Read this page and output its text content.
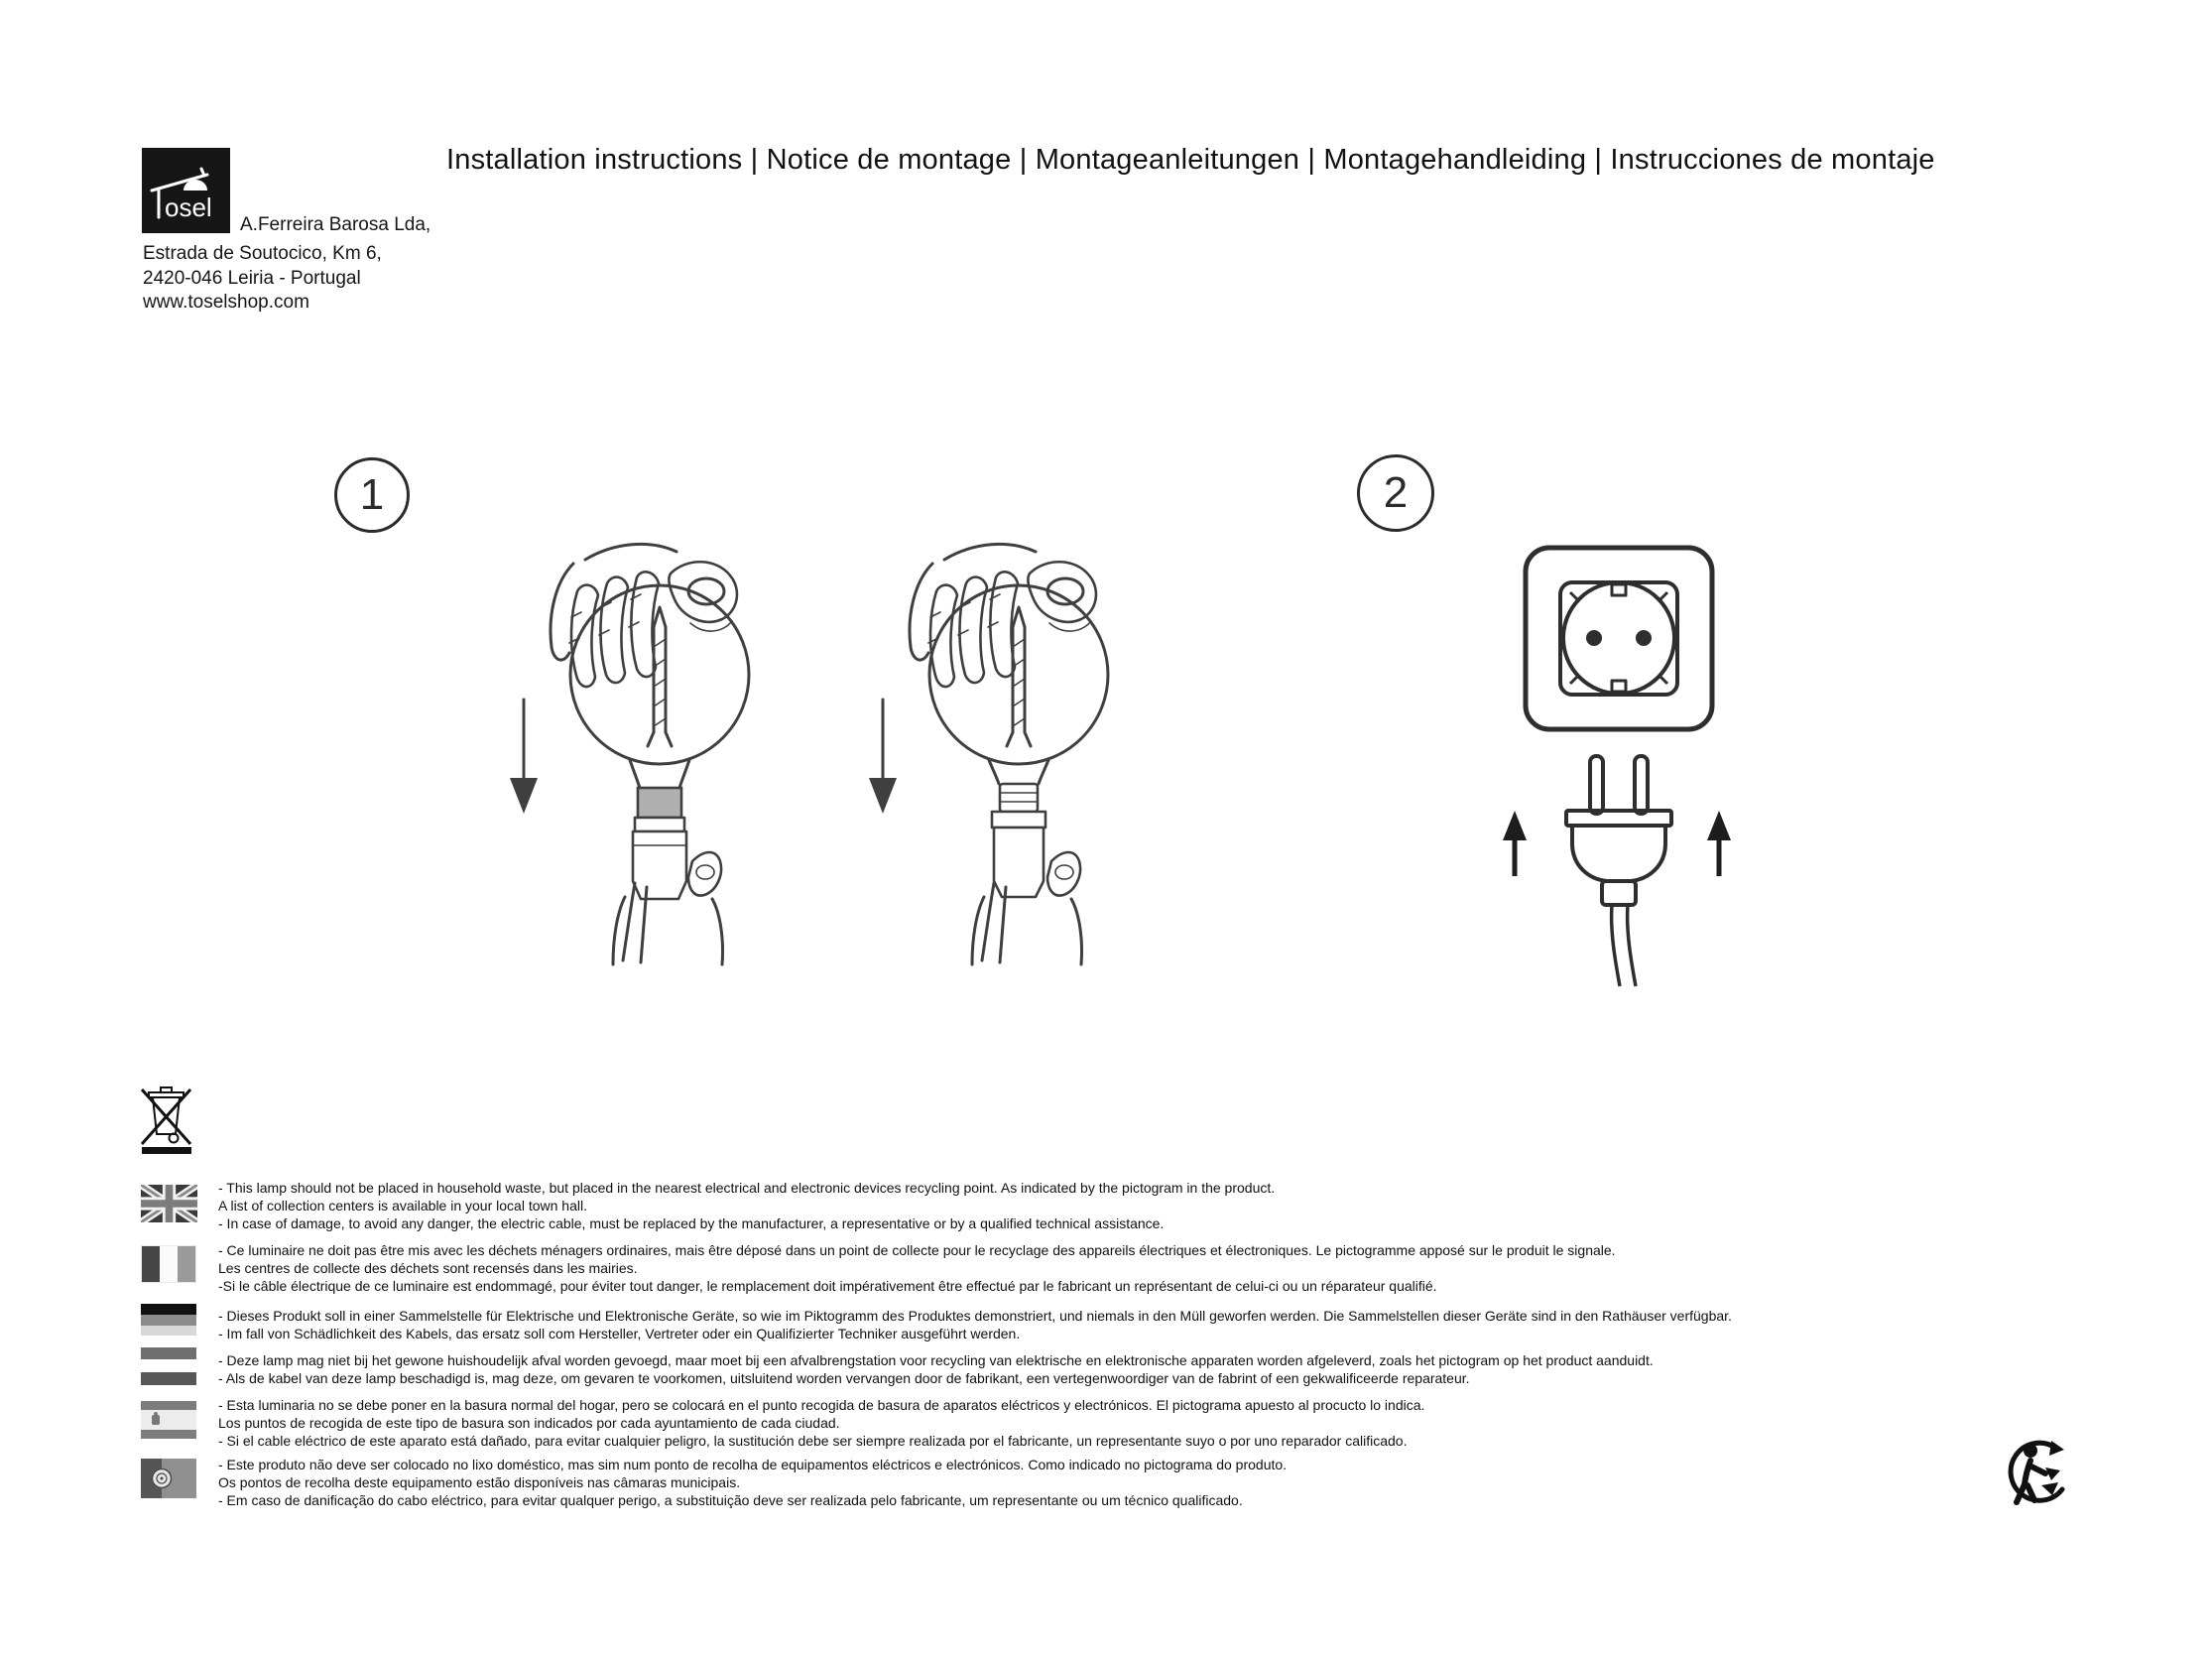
Installation instructions | Notice de montage | Montageanleitungen | Montagehandleiding | Instrucciones de montaje
osel
A.Ferreira Barosa Lda,
Estrada de Soutocico, Km 6,
2420-046 Leiria - Portugal
www.toselshop.com
1	2
- This lamp should not be placed in household waste, but placed in the nearest electrical and electronic devices recycling point. As indicated by the pictogram in the product.
A list of collection centers is available in your local town hall.
- In case of damage, to avoid any danger, the electric cable, must be replaced by the manufacturer, a representative or by a qualified technical assistance.
- Ce luminaire ne doit pas être mis avec les déchets ménagers ordinaires, mais être déposé dans un point de collecte pour le recyclage des appareils électriques et électroniques. Le pictogramme apposé sur le produit le signale.
Les centres de collecte des déchets sont recensés dans les mairies.
-Si le câble électrique de ce luminaire est endommagé, pour éviter tout danger, le remplacement doit impérativement être effectué par le fabricant un représentant de celui-ci ou un réparateur qualifié.
- Dieses Produkt soll in einer Sammelstelle für Elektrische und Elektronische Geräte, so wie im Piktogramm des Produktes demonstriert, und niemals in den Müll geworfen werden. Die Sammelstellen dieser Geräte sind in den Rathäuser verfügbar.
- Im fall von Schädlichkeit des Kabels, das ersatz soll com Hersteller, Vertreter oder ein Qualifizierter Techniker ausgeführt werden.
- Deze lamp mag niet bij het gewone huishoudelijk afval worden gevoegd, maar moet bij een afvalbrengstation voor recycling van elektrische en elektronische apparaten worden afgeleverd, zoals het pictogram op het product aanduidt.
- Als de kabel van deze lamp beschadigd is, mag deze, om gevaren te voorkomen, uitsluitend worden vervangen door de fabrikant, een vertegenwoordiger van de fabrint of een gekwalificeerde reparateur.
- Esta luminaria no se debe poner en la basura normal del hogar, pero se colocará en el punto recogida de basura de aparatos eléctricos y electrónicos. El pictograma apuesto al procucto lo indica.
Los puntos de recogida de este tipo de basura son indicados por cada ayuntamiento de cada ciudad.
- Si el cable eléctrico de este aparato está dañado, para evitar cualquier peligro, la sustitución debe ser siempre realizada por el fabricante, un representante suyo o por uno reparador calificado.
- Este produto não deve ser colocado no lixo doméstico, mas sim num ponto de recolha de equipamentos eléctricos e electrónicos. Como indicado no pictograma do produto.
Os pontos de recolha deste equipamento estão disponíveis nas câmaras municipais.
- Em caso de danificação do cabo eléctrico, para evitar qualquer perigo, a substituição deve ser realizada pelo fabricante, um representante ou um técnico qualificado.
